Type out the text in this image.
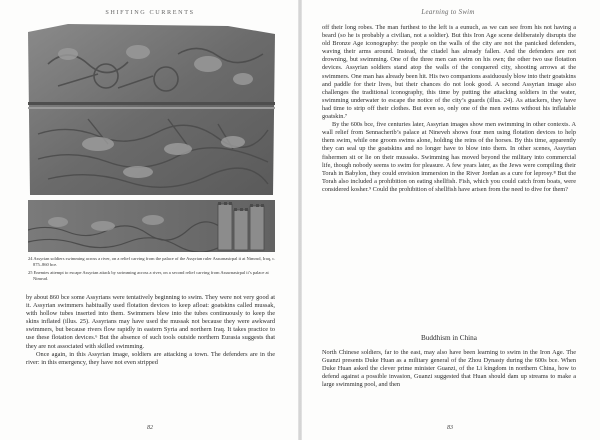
SHIFTING CURRENTS

24 Assyrian soldiers swimming across a river, on a relief carving from the palace of the Assyrian ruler Assurnasirpal ii at Nimrud, Iraq, c. 875–860 bce.

25 Enemies attempt to escape Assyrian attack by swimming across a river, on a second relief carving from Assurnasirpal ii’s palace at Nimrud.

by about 860 bce some Assyrians were tentatively beginning to swim. They were not very good at it. Assyrian swimmers habitually used flotation devices to keep afloat: goatskins called mussak, with hollow tubes inserted into them. Swimmers blew into the tubes continuously to keep the skins inflated (illus. 25). Assyrians may have used the mussak not because they were awkward swimmers, but because rivers flow rapidly in eastern Syria and northern Iraq. It takes practice to use these flotation devices.⁶ But the absence of such tools outside northern Eurasia suggests that they are not associated with skilled swimming.

Once again, in this Assyrian image, soldiers are attacking a town. The defenders are in the river: in this emergency, they have not even stripped

82
Learning to Swim

off their long robes. The man furthest to the left is a eunuch, as we can see from his not having a beard (so he is probably a civilian, not a soldier). But this Iron Age scene deliberately disrupts the old Bronze Age iconography: the people on the walls of the city are not the panicked defenders, waving their arms around. Instead, the citadel has already fallen. And the defenders are not drowning, but swimming. One of the three men can swim on his own; the other two use flotation devices. Assyrian soldiers stand atop the walls of the conquered city, shooting arrows at the swimmers. One man has already been hit. His two companions assiduously blow into their goatskins and paddle for their lives, but their chances do not look good. A second Assyrian image also challenges the traditional iconography, this time by putting the attacking soldiers in the water, swimming underwater to escape the notice of the city’s guards (illus. 24). As attackers, they have had time to strip off their clothes. But even so, only one of the men swims without his inflatable goatskin.⁷

By the 600s bce, five centuries later, Assyrian images show men swimming in other contexts. A wall relief from Sennacherib’s palace at Nineveh shows four men using flotation devices to help them swim, while one groom swims alone, holding the reins of the horses. By this time, apparently they can seal up the goatskins and no longer have to blow into them. In other scenes, Assyrian fishermen sit or lie on their mussaks. Swimming has moved beyond the military into commercial life, though nobody seems to swim for pleasure. A few years later, as the Jews were compiling their Torah in Babylon, they could envision immersion in the River Jordan as a cure for leprosy.⁸ But the Torah also included a prohibition on eating shellfish. Fish, which you could catch from boats, were considered kosher.⁹ Could the prohibition of shellfish have arisen from the need to dive for them?

Buddhism in China

North Chinese soldiers, far to the east, may also have been learning to swim in the Iron Age. The Guanzi presents Duke Huan as a military general of the Zhou Dynasty during the 600s bce. When Duke Huan asked the clever prime minister Guanzi, of the Li kingdom in northern China, how to defend against a possible invasion, Guanzi suggested that Huan should dam up streams to make a large swimming pool, and then

83
